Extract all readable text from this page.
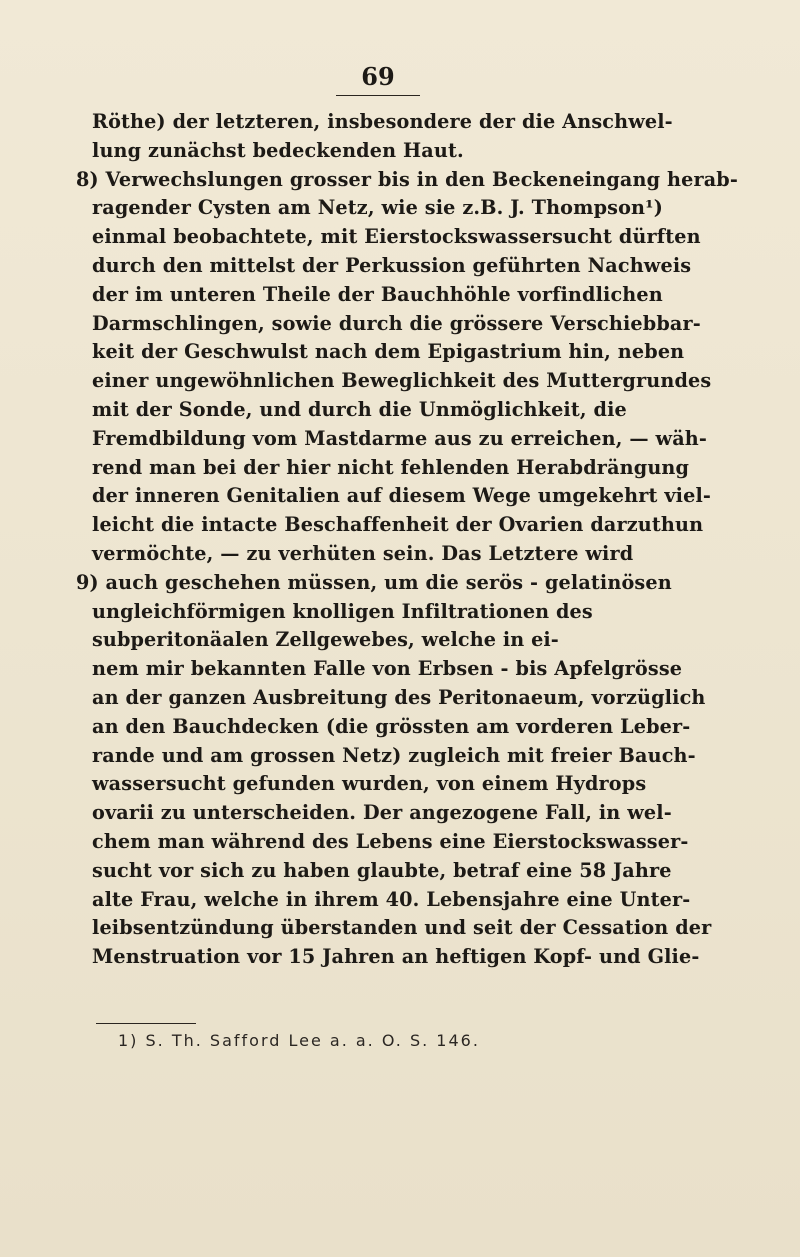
69
Röthe) der letzteren, insbesondere der die Anschwel-
lung zunächst bedeckenden Haut.
8) Verwechslungen grosser bis in den Beckeneingang herab-
ragender Cysten am Netz, wie sie z.B. J. Thompson¹)
einmal beobachtete, mit Eierstockswassersucht dürften
durch den mittelst der Perkussion geführten Nachweis
der im unteren Theile der Bauchhöhle vorfindlichen
Darmschlingen, sowie durch die grössere Verschiebbar-
keit der Geschwulst nach dem Epigastrium hin, neben
einer ungewöhnlichen Beweglichkeit des Muttergrundes
mit der Sonde, und durch die Unmöglichkeit, die
Fremdbildung vom Mastdarme aus zu erreichen, — wäh-
rend man bei der hier nicht fehlenden Herabdrängung
der inneren Genitalien auf diesem Wege umgekehrt viel-
leicht die intacte Beschaffenheit der Ovarien darzuthun
vermöchte, — zu verhüten sein. Das Letztere wird
9) auch geschehen müssen, um die serös - gelatinösen
ungleichförmigen knolligen Infiltrationen des
subperitonäalen Zellgewebes, welche in ei-
nem mir bekannten Falle von Erbsen - bis Apfelgrösse
an der ganzen Ausbreitung des Peritonaeum, vorzüglich
an den Bauchdecken (die grössten am vorderen Leber-
rande und am grossen Netz) zugleich mit freier Bauch-
wassersucht gefunden wurden, von einem Hydrops
ovarii zu unterscheiden. Der angezogene Fall, in wel-
chem man während des Lebens eine Eierstockswasser-
sucht vor sich zu haben glaubte, betraf eine 58 Jahre
alte Frau, welche in ihrem 40. Lebensjahre eine Unter-
leibsentzündung überstanden und seit der Cessation der
Menstruation vor 15 Jahren an heftigen Kopf- und Glie-
1) S. Th. Safford Lee a. a. O. S. 146.
